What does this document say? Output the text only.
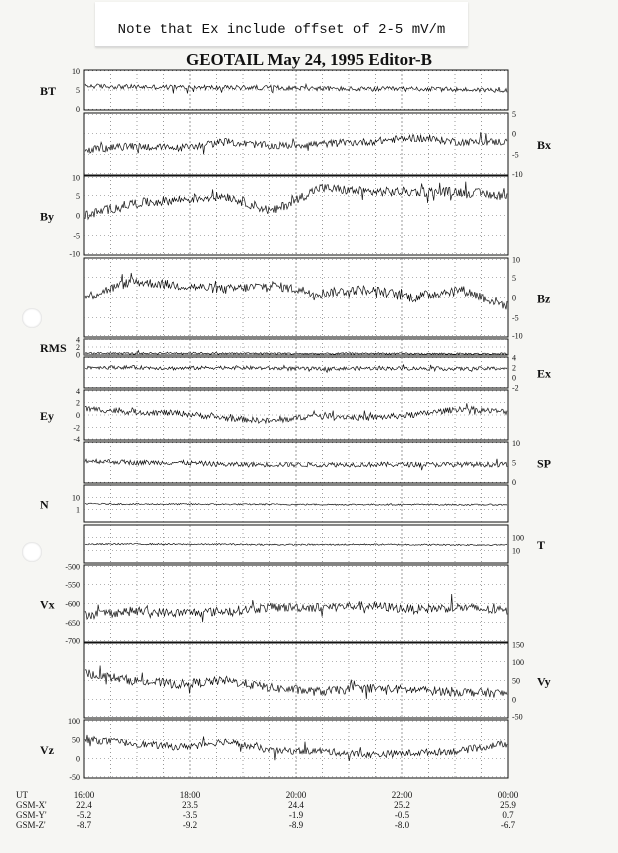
Note that Ex include offset of 2-5 mV/m
GEOTAIL May 24, 1995 Editor-B
10
5
0
BT
5
0
-5
-10
Bx
10
5
0
-5
-10
By
10
5
0
-5
-10
Bz
4
2
0
RMS
4
2
0
-2
Ex
4
2
0
-2
-4
Ey
10
5
0
SP
10
1
N
100
10 T
-500
-550
-600
-650
-700
Vx
150
100
50
0
-50
Vy
100
50
0
-50
Vz
UT	16:00	18:00	20:00	22:00	00:00
GSM-X'	22.4	23.5	24.4	25.2	25.9
GSM-Y'	-5.2	-3.5	-1.9	-0.5	0.7
GSM-Z'	-8.7	-9.2	-8.9	-8.0	-6.7
